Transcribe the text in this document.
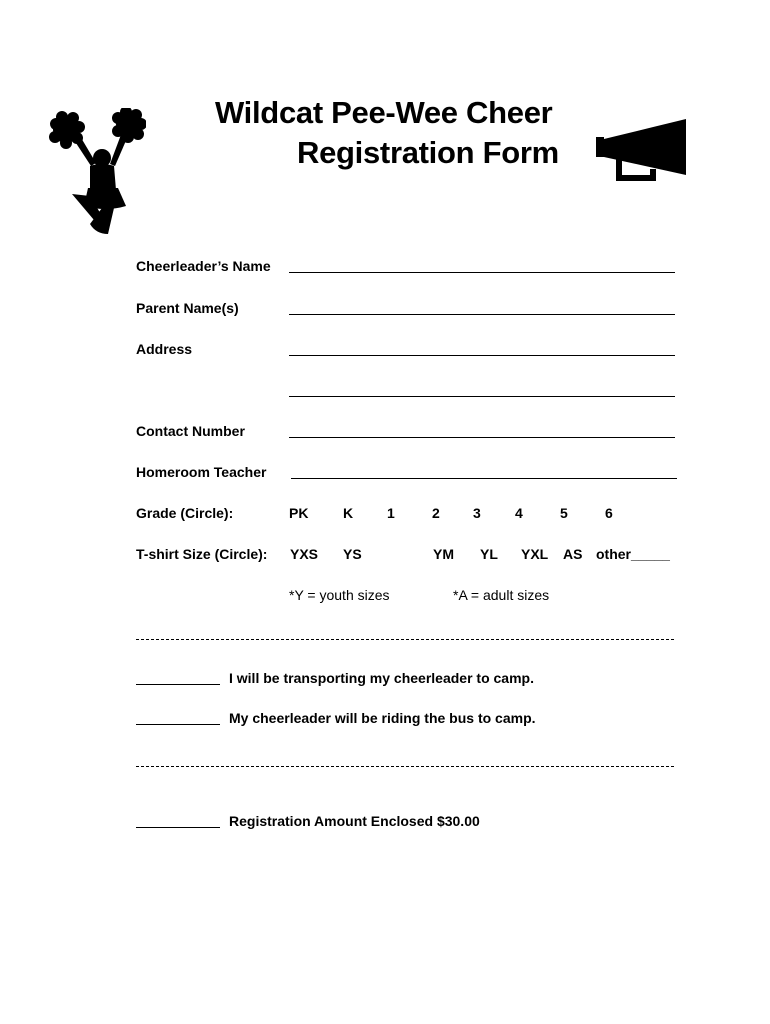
Wildcat Pee-Wee Cheer
Registration Form
Cheerleader’s Name
Parent Name(s)
Address
Contact Number
Homeroom Teacher
Grade (Circle):	PK K 1	2 3 4	5	6
T-shirt Size (Circle): YXS YS	YM YL YXL AS other_____
*Y = youth sizes	*A = adult sizes
I will be transporting my cheerleader to camp.
My cheerleader will be riding the bus to camp.
Registration Amount Enclosed $30.00
